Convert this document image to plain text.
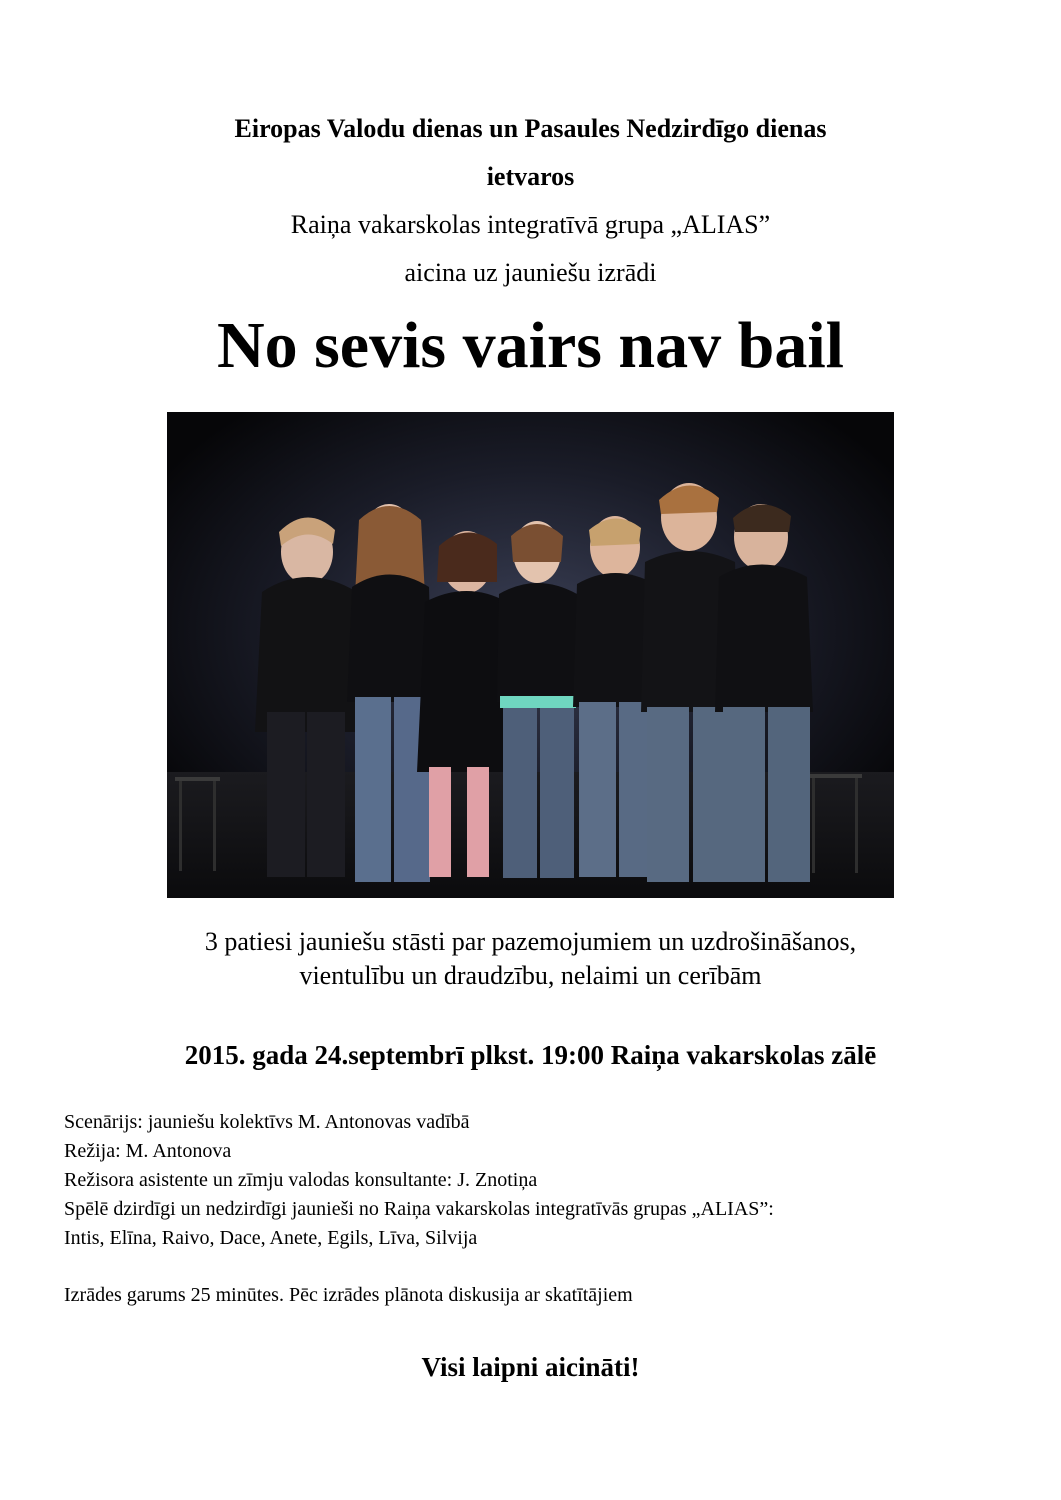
Eiropas Valodu dienas un Pasaules Nedzirdīgo dienas
ietvaros
Raiņa vakarskolas integratīvā grupa „ALIAS”
aicina uz jauniešu izrādi
No sevis vairs nav bail
3 patiesi jauniešu stāsti par pazemojumiem un uzdrošināšanos,
vientulību un draudzību, nelaimi un cerībām
2015. gada 24.septembrī plkst. 19:00 Raiņa vakarskolas zālē
Scenārijs: jauniešu kolektīvs M. Antonovas vadībā
Režija: M. Antonova
Režisora asistente un zīmju valodas konsultante: J. Znotiņa
Spēlē dzirdīgi un nedzirdīgi jaunieši no Raiņa vakarskolas integratīvās grupas „ALIAS”:
Intis, Elīna, Raivo, Dace, Anete, Egils, Līva, Silvija
Izrādes garums 25 minūtes. Pēc izrādes plānota diskusija ar skatītājiem
Visi laipni aicināti!
